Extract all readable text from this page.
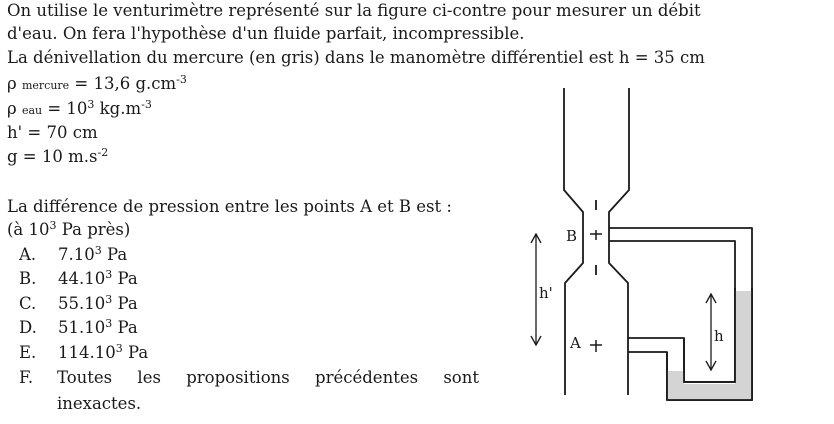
On utilise le venturimètre représenté sur la figure ci-contre pour mesurer un débit
d'eau. On fera l'hypothèse d'un fluide parfait, incompressible.
La dénivellation du mercure (en gris) dans le manomètre différentiel est h = 35 cm
ρ mercure = 13,6 $g.cm^{-3}$
ρ eau = $10^3$ $kg.m^{-3}$
h' = 70 cm
g = 10 $m.s^{-2}$
La différence de pression entre les points A et B est :
(à $10^3$ Pa près)
A. 7.10$^3$ Pa
B. 44.10$^3$ Pa
C. 55.10$^3$ Pa
D. 51.10$^3$ Pa
E. 114.10$^3$ Pa
F. Toutes les propositions précédentes sont
inexactes.
B
A
h'
h
